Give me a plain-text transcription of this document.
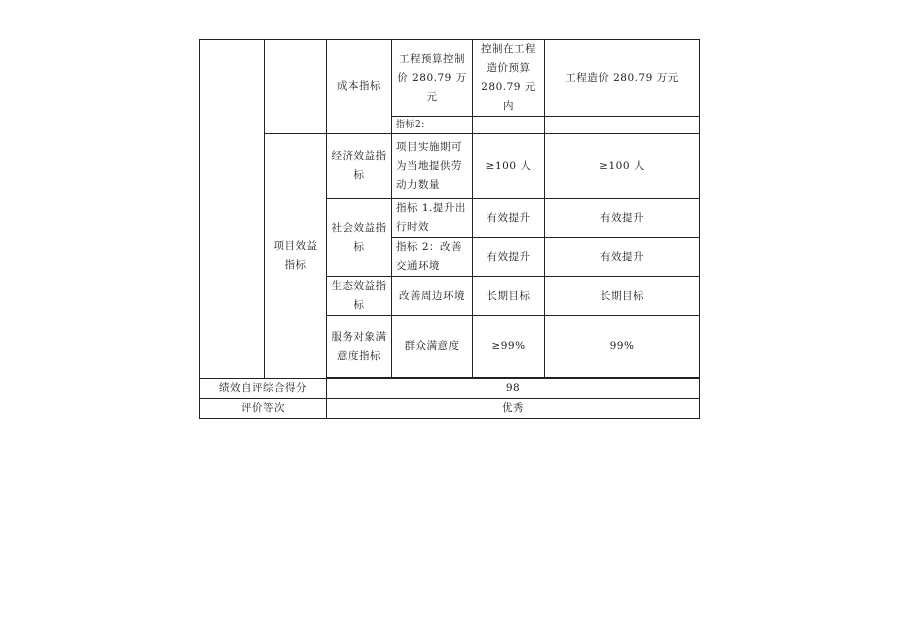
		成本指标	工程预算控制价 280.79 万元	控制在工程造价预算 280.79 元内	工程造价 280.79 万元
			指标2:		
	项目效益指标	经济效益指标	项目实施期可为当地提供劳动力数量	≥100 人	≥100 人
		社会效益指标	指标 1.提升出行时效	有效提升	有效提升
			指标 2：改善交通环境	有效提升	有效提升
		生态效益指标	改善周边环境	长期目标	长期目标
		服务对象满意度指标	群众满意度	≥99%	99%

绩效自评综合得分		98			
评价等次		优秀			
